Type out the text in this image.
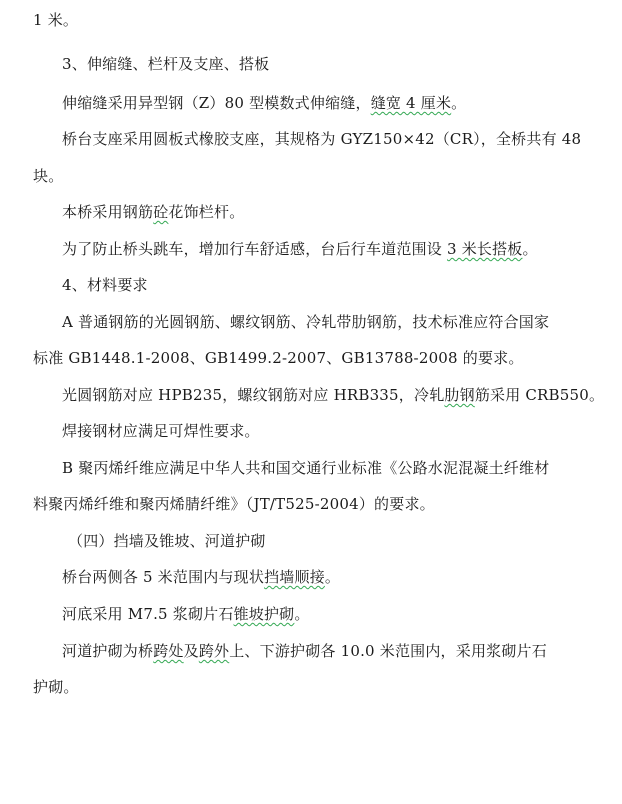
1 米。
3、伸缩缝、栏杆及支座、搭板
伸缩缝采用异型钢（Z）80 型模数式伸缩缝，缝宽 4 厘米。
桥台支座采用圆板式橡胶支座，其规格为 GYZ150×42（CR），全桥共有 48
块。
本桥采用钢筋砼花饰栏杆。
为了防止桥头跳车，增加行车舒适感，台后行车道范围设 3 米长搭板。
4、材料要求
A 普通钢筋的光圆钢筋、螺纹钢筋、冷轧带肋钢筋，技术标准应符合国家
标准 GB1448.1-2008、GB1499.2-2007、GB13788-2008 的要求。
光圆钢筋对应 HPB235，螺纹钢筋对应 HRB335，冷轧肋钢筋采用 CRB550。
焊接钢材应满足可焊性要求。
B 聚丙烯纤维应满足中华人共和国交通行业标准《公路水泥混凝土纤维材
料聚丙烯纤维和聚丙烯腈纤维》（JT/T525-2004）的要求。
（四）挡墙及锥坡、河道护砌
桥台两侧各 5 米范围内与现状挡墙顺接。
河底采用 M7.5 浆砌片石锥坡护砌。
河道护砌为桥跨处及跨外上、下游护砌各 10.0 米范围内，采用浆砌片石
护砌。
